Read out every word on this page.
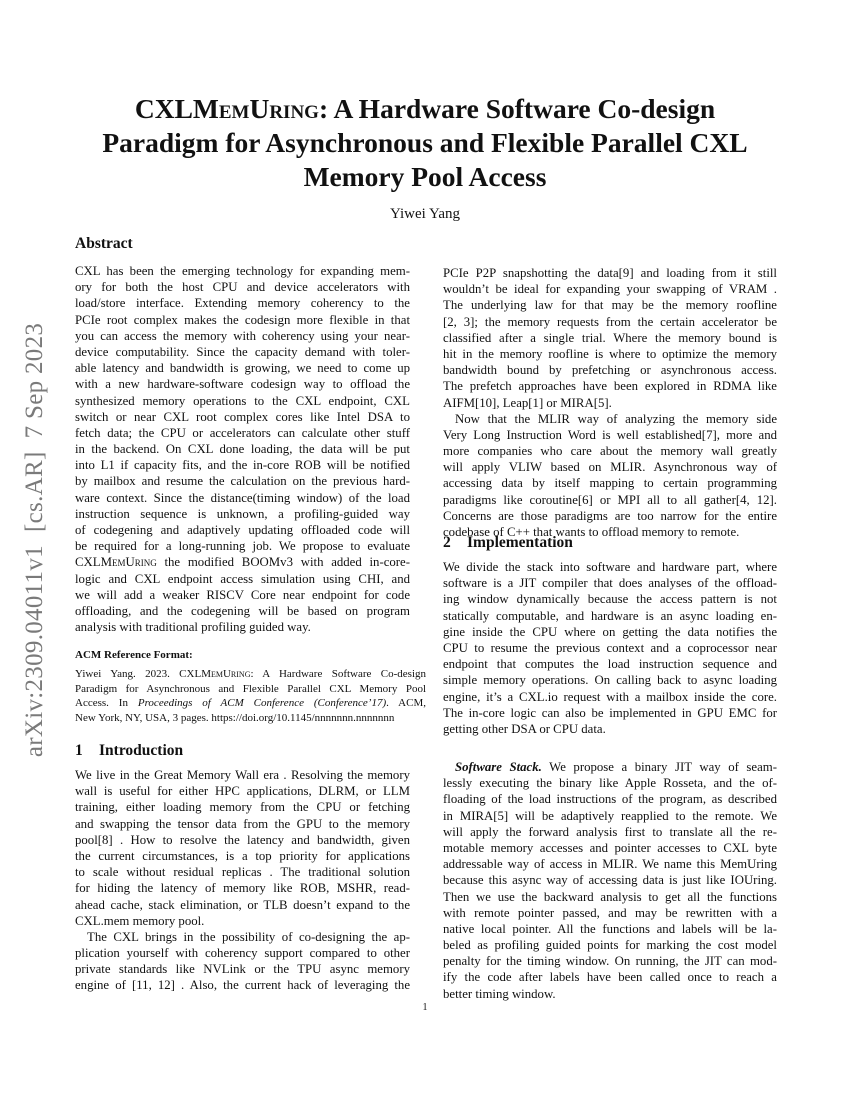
arXiv:2309.04011v1  [cs.AR]  7 Sep 2023
CXLMemUring: A Hardware Software Co-design
Paradigm for Asynchronous and Flexible Parallel CXL
Memory Pool Access
Yiwei Yang
Abstract
CXL has been the emerging technology for expanding mem-
ory for both the host CPU and device accelerators with
load/store interface. Extending memory coherency to the
PCIe root complex makes the codesign more flexible in that
you can access the memory with coherency using your near-
device computability. Since the capacity demand with toler-
able latency and bandwidth is growing, we need to come up
with a new hardware-software codesign way to offload the
synthesized memory operations to the CXL endpoint, CXL
switch or near CXL root complex cores like Intel DSA to
fetch data; the CPU or accelerators can calculate other stuff
in the backend. On CXL done loading, the data will be put
into L1 if capacity fits, and the in-core ROB will be notified
by mailbox and resume the calculation on the previous hard-
ware context. Since the distance(timing window) of the load
instruction sequence is unknown, a profiling-guided way
of codegening and adaptively updating offloaded code will
be required for a long-running job. We propose to evaluate
CXLMemUring the modified BOOMv3 with added in-core-
logic and CXL endpoint access simulation using CHI, and
we will add a weaker RISCV Core near endpoint for code
offloading, and the codegening will be based on program
analysis with traditional profiling guided way.
ACM Reference Format:
Yiwei Yang. 2023. CXLMemUring: A Hardware Software Co-design
Paradigm for Asynchronous and Flexible Parallel CXL Memory Pool
Access. In Proceedings of ACM Conference (Conference’17). ACM,
New York, NY, USA, 3 pages. https://doi.org/10.1145/nnnnnnn.nnnnnnn
1 Introduction
We live in the Great Memory Wall era . Resolving the memory
wall is useful for either HPC applications, DLRM, or LLM
training, either loading memory from the CPU or fetching
and swapping the tensor data from the GPU to the memory
pool[8] . How to resolve the latency and bandwidth, given
the current circumstances, is a top priority for applications
to scale without residual replicas . The traditional solution
for hiding the latency of memory like ROB, MSHR, read-
ahead cache, stack elimination, or TLB doesn’t expand to the
CXL.mem memory pool.
The CXL brings in the possibility of co-designing the ap-
plication yourself with coherency support compared to other
private standards like NVLink or the TPU async memory
engine of [11, 12] . Also, the current hack of leveraging the
PCIe P2P snapshotting the data[9] and loading from it still
wouldn’t be ideal for expanding your swapping of VRAM .
The underlying law for that may be the memory roofline
[2, 3]; the memory requests from the certain accelerator be
classified after a single trial. Where the memory bound is
hit in the memory roofline is where to optimize the memory
bandwidth bound by prefetching or asynchronous access.
The prefetch approaches have been explored in RDMA like
AIFM[10], Leap[1] or MIRA[5].
Now that the MLIR way of analyzing the memory side
Very Long Instruction Word is well established[7], more and
more companies who care about the memory wall greatly
will apply VLIW based on MLIR. Asynchronous way of
accessing data by itself mapping to certain programming
paradigms like coroutine[6] or MPI all to all gather[4, 12].
Concerns are those paradigms are too narrow for the entire
codebase of C++ that wants to offload memory to remote.
2 Implementation
We divide the stack into software and hardware part, where
software is a JIT compiler that does analyses of the offload-
ing window dynamically because the access pattern is not
statically computable, and hardware is an async loading en-
gine inside the CPU where on getting the data notifies the
CPU to resume the previous context and a coprocessor near
endpoint that computes the load instruction sequence and
simple memory operations. On calling back to async loading
engine, it’s a CXL.io request with a mailbox inside the core.
The in-core logic can also be implemented in GPU EMC for
getting other DSA or CPU data.
Software Stack. We propose a binary JIT way of seam-
lessly executing the binary like Apple Rosseta, and the of-
floading of the load instructions of the program, as described
in MIRA[5] will be adaptively reapplied to the remote. We
will apply the forward analysis first to translate all the re-
motable memory accesses and pointer accesses to CXL byte
addressable way of access in MLIR. We name this MemUring
because this async way of accessing data is just like IOUring.
Then we use the backward analysis to get all the functions
with remote pointer passed, and may be rewritten with a
native local pointer. All the functions and labels will be la-
beled as profiling guided points for marking the cost model
penalty for the timing window. On running, the JIT can mod-
ify the code after labels have been called once to reach a
better timing window.
1
